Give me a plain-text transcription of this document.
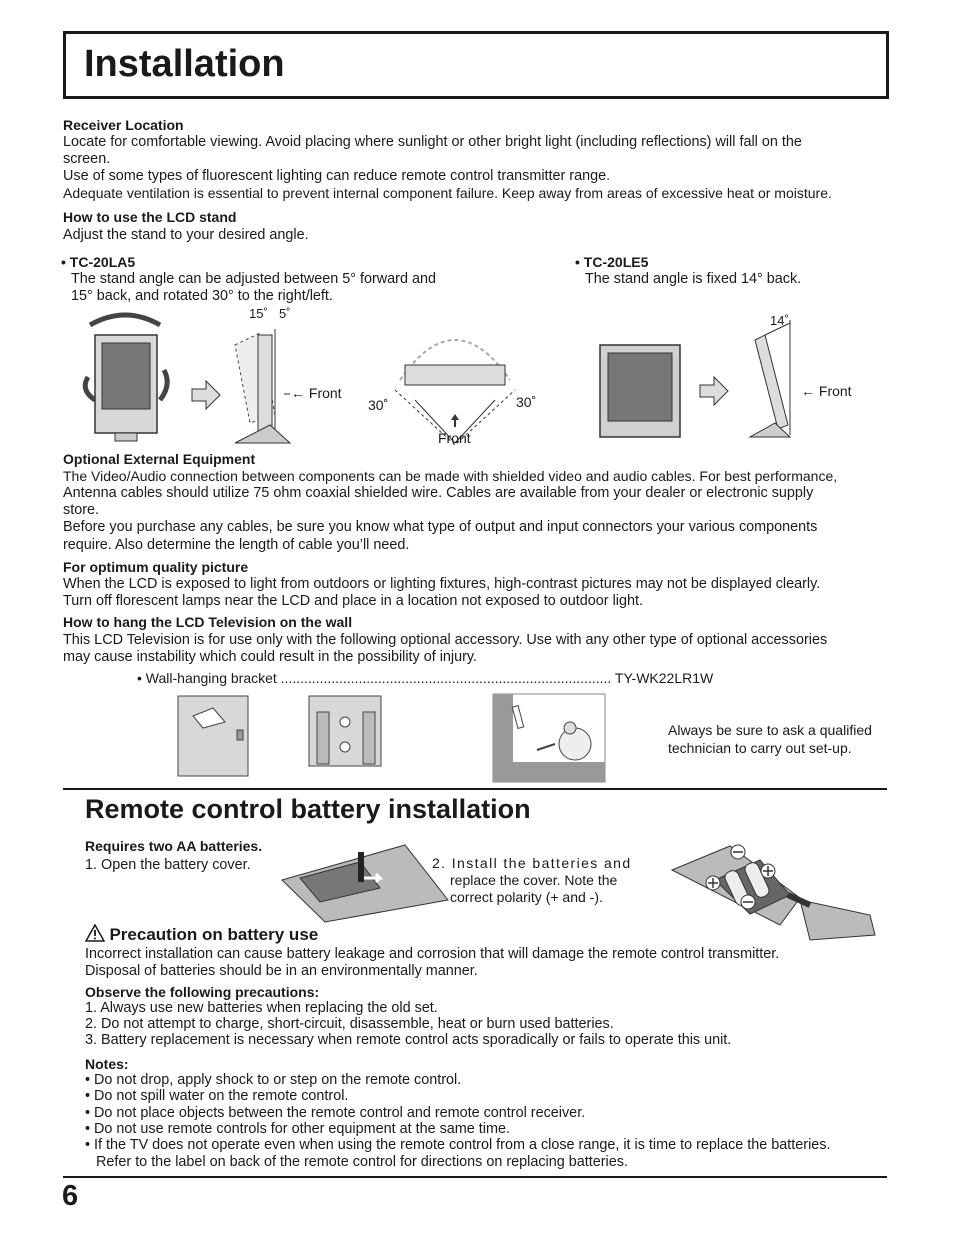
Installation
Receiver Location
Locate for comfortable viewing. Avoid placing where sunlight or other bright light (including reflections) will fall on the
screen.
Use of some types of fluorescent lighting can reduce remote control transmitter range.
Adequate ventilation is essential to prevent internal component failure. Keep away from areas of excessive heat or moisture.
How to use the LCD stand
Adjust the stand to your desired angle.
• TC-20LA5
The stand angle can be adjusted between 5° forward and
15° back, and rotated 30° to the right/left.
• TC-20LE5
The stand angle is fixed 14° back.
15˚ 5˚
← Front
30˚	30˚
Front
14˚
← Front
Optional External Equipment
The Video/Audio connection between components can be made with shielded video and audio cables. For best performance,
Antenna cables should utilize 75 ohm coaxial shielded wire. Cables are available from your dealer or electronic supply
store.
Before you purchase any cables, be sure you know what type of output and input connectors your various components
require. Also determine the length of cable you’ll need.
For optimum quality picture
When the LCD is exposed to light from outdoors or lighting fixtures, high-contrast pictures may not be displayed clearly.
Turn off florescent lamps near the LCD and place in a location not exposed to outdoor light.
How to hang the LCD Television on the wall
This LCD Television is for use only with the following optional accessory. Use with any other type of optional accessories
may cause instability which could result in the possibility of injury.
• Wall-hanging bracket ..................................................................................... TY-WK22LR1W
Always be sure to ask a qualified
technician to carry out set-up.
Remote control battery installation
Requires two AA batteries.
1. Open the battery cover.	2. Install the batteries and
replace the cover. Note the
correct polarity (+ and -).
Precaution on battery use
Incorrect installation can cause battery leakage and corrosion that will damage the remote control transmitter.
Disposal of batteries should be in an environmentally manner.
Observe the following precautions:
1. Always use new batteries when replacing the old set.
2. Do not attempt to charge, short-circuit, disassemble, heat or burn used batteries.
3. Battery replacement is necessary when remote control acts sporadically or fails to operate this unit.
Notes:
• Do not drop, apply shock to or step on the remote control.
• Do not spill water on the remote control.
• Do not place objects between the remote control and remote control receiver.
• Do not use remote controls for other equipment at the same time.
• If the TV does not operate even when using the remote control from a close range, it is time to replace the batteries.
Refer to the label on back of the remote control for directions on replacing batteries.
6
